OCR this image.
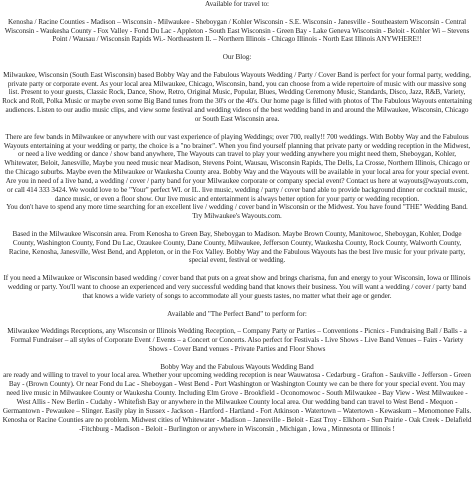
Available for travel to:

Kenosha / Racine Counties - Madison – Wisconsin - Milwaukee - Sheboygan / Kohler Wisconsin - S.E. Wisconsin - Janesville - Southeastern Wisconsin - Central Wisconsin - Waukesha County - Fox Valley - Fond Du Lac - Appleton - South East Wisconsin - Green Bay - Lake Geneva Wisconsin - Beloit - Kohler Wi – Stevens Point / Wausau / Wisconsin Rapids Wi.- Northeastern Il. – Northern Illinois - Chicago Illinois - North East Illinois ANYWHERE!!

Our Blog:

Milwaukee, Wisconsin (South East Wisconsin) based Bobby Way and the Fabulous Wayouts Wedding / Party / Cover Band is perfect for your formal party, wedding, private party or corporate event. As your local area Milwaukee, Chicago, Wisconsin, band, you can choose from a wide repertoire of music with our massive song list. Present to your guests, Classic Rock, Dance, Show, Retro, Original Music, Popular, Blues, Wedding Ceremony Music, Standards, Disco, Jazz, R&B, Variety, Rock and Roll, Polka Music or maybe even some Big Band tunes from the 30's or the 40's. Our home page is filled with photos of The Fabulous Wayouts entertaining audiences. Listen to our audio music clips, and view some festival and wedding videos of the best wedding band in and around the Milwaukee, Wisconsin, Chicago or South East Wisconsin area.

There are few bands in Milwaukee or anywhere with our vast experience of playing Weddings; over 700, really!! 700 weddings. With Bobby Way and the Fabulous Wayouts entertaining at your wedding or party, the choice is a "no brainer". When you find yourself planning that private party or wedding reception in the Midwest, or need a live wedding or dance / show band anywhere, The Wayouts can travel to play your wedding anywhere you might need them, Sheboygan, Kohler, Whitewater, Beloit, Janesville, Maybe you need music near Madison, Stevens Point, Wausau, Wisconsin Rapids, The Dells, La Crosse, Northern Illinois, Chicago or the Chicago suburbs. Maybe even the Milwaukee or Waukesha County area. Bobby Way and the Wayouts will be available in your local area for your special event.

Are you in need of a live band, a wedding / cover / party band for your Milwaukee corporate or company special event? Contact us here at wayouts@wayouts.com, or call 414 333 3424. We would love to be "Your" perfect WI. or IL. live music, wedding / party / cover band able to provide background dinner or cocktail music, dance music, or even a floor show. Our live music and entertainment is always better option for your party or wedding reception.

You don't have to spend any more time searching for an excellent live / wedding / cover band in Wisconsin or the Midwest. You have found "THE" Wedding Band.

Try Milwaukee's Wayouts.com.

Based in the Milwaukee Wisconsin area. From Kenosha to Green Bay, Sheboygan to Madison. Maybe Brown County, Manitowoc, Sheboygan, Kohler, Dodge County, Washington County, Fond Du Lac, Ozaukee County, Dane County, Milwaukee, Jefferson County, Waukesha County, Rock County, Walworth County, Racine, Kenosha, Janesville, West Bend, and Appleton, or in the Fox Valley. Bobby Way and the Fabulous Wayouts has the best live music for your private party, special event, festival or wedding.

If you need a Milwaukee or Wisconsin based wedding / cover band that puts on a great show and brings charisma, fun and energy to your Wisconsin, Iowa or Illinois wedding or party. You'll want to choose an experienced and very successful wedding band that knows their business. You will want a wedding / cover / party band that knows a wide variety of songs to accommodate all your guests tastes, no matter what their age or gender.

Available and "The Perfect Band" to perform for:

Milwaukee Weddings Receptions, any Wisconsin or Illinois Wedding Reception, – Company Party or Parties – Conventions - Picnics - Fundraising Ball / Balls - a Formal Fundraiser – all styles of Corporate Event / Events – a Concert or Concerts. Also perfect for Festivals - Live Shows - Live Band Venues – Fairs - Variety Shows - Cover Band venues - Private Parties and Floor Shows

Bobby Way and the Fabulous Wayouts Wedding Band

are ready and willing to travel to your local area. Whether your upcoming wedding reception is near Wauwatosa - Cedarburg - Grafton - Saukville - Jefferson - Green Bay - (Brown County). Or near Fond du Lac - Sheboygan - West Bend - Port Washington or Washington County we can be there for your special event. You may need live music in Milwaukee County or Waukesha County. Including Elm Grove - Brookfield - Oconomowoc - South Milwaukee - Bay View - West Milwaukee - West Allis - New Berlin - Cudahy - Whitefish Bay or anywhere in the Milwaukee County local area. Our wedding band can travel to West Bend - Mequon - Germantown - Pewaukee – Slinger. Easily play in Sussex - Jackson - Hartford - Hartland - Fort Atkinson - Watertown – Watertown - Kewaskum – Menomonee Falls. Kenosha or Racine Counties are no problem. Midwest cities of Whitewater - Madison – Janesville - Beloit - East Troy - Elkhorn - Sun Prairie - Oak Creek - Delafield -Fitchburg - Madison - Beloit - Burlington or anywhere in Wisconsin , Michigan , Iowa , Minnesota or Illinois !
